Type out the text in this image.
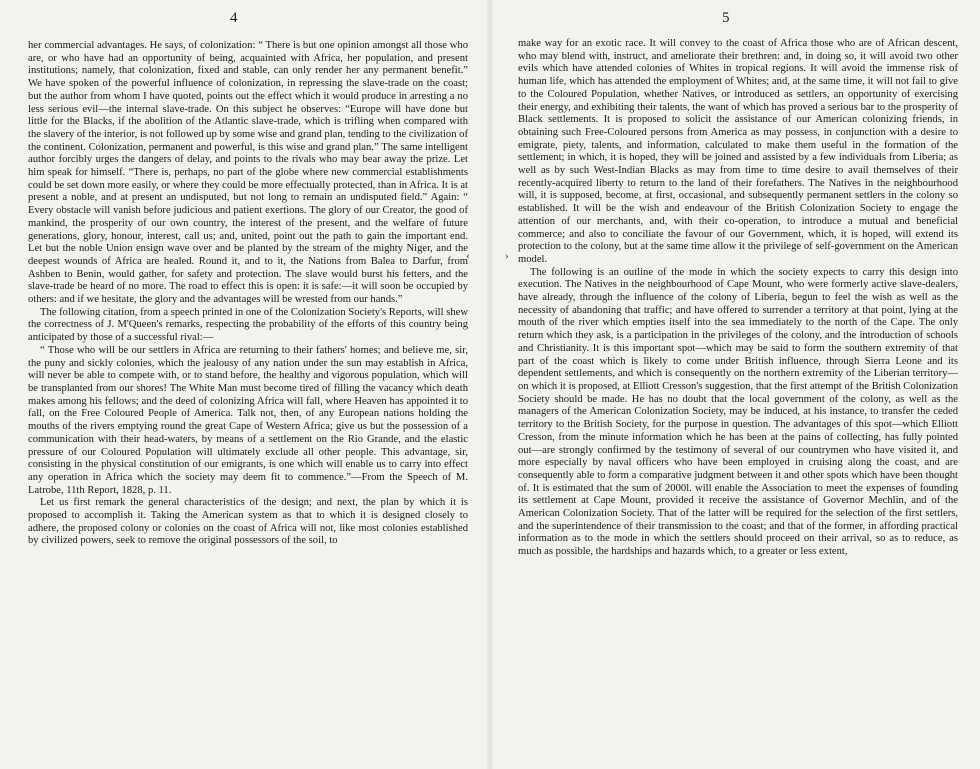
4

her commercial advantages. He says, of colonization: “ There is but one opinion amongst all those who are, or who have had an opportunity of being, acquainted with Africa, her population, and present institutions; namely, that colonization, fixed and stable, can only render her any permanent benefit.” We have spoken of the powerful influence of colonization, in repressing the slave-trade on the coast; but the author from whom I have quoted, points out the effect which it would produce in arresting a no less serious evil—the internal slave-trade. On this subject he observes: “Europe will have done but little for the Blacks, if the abolition of the Atlantic slave-trade, which is trifling when compared with the slavery of the interior, is not followed up by some wise and grand plan, tending to the civilization of the continent. Colonization, permanent and powerful, is this wise and grand plan.” The same intelligent author forcibly urges the dangers of delay, and points to the rivals who may bear away the prize. Let him speak for himself. “There is, perhaps, no part of the globe where new commercial establishments could be set down more easily, or where they could be more effectually protected, than in Africa. It is at present a noble, and at present an undisputed, but not long to remain an undisputed field.” Again: “ Every obstacle will vanish before judicious and patient exertions. The glory of our Creator, the good of mankind, the prosperity of our own country, the interest of the present, and the welfare of future generations, glory, honour, interest, call us; and, united, point out the path to gain the important end. Let but the noble Union ensign wave over and be planted by the stream of the mighty Niger, and the deepest wounds of Africa are healed. Round it, and to it, the Nations from Balea to Darfur, from Ashben to Benin, would gather, for safety and protection. The slave would burst his fetters, and the slave-trade be heard of no more. The road to effect this is open: it is safe:—it will soon be occupied by others: and if we hesitate, the glory and the advantages will be wrested from our hands.”

The following citation, from a speech printed in one of the Colonization Society's Reports, will shew the correctness of J. M'Queen's remarks, respecting the probability of the efforts of this country being anticipated by those of a successful rival:—

“ Those who will be our settlers in Africa are returning to their fathers' homes; and believe me, sir, the puny and sickly colonies, which the jealousy of any nation under the sun may establish in Africa, will never be able to compete with, or to stand before, the healthy and vigorous population, which will be transplanted from our shores! The White Man must become tired of filling the vacancy which death makes among his fellows; and the deed of colonizing Africa will fall, where Heaven has appointed it to fall, on the Free Coloured People of America. Talk not, then, of any European nations holding the mouths of the rivers emptying round the great Cape of Western Africa; give us but the possession of a communication with their head-waters, by means of a settlement on the Rio Grande, and the elastic pressure of our Coloured Population will ultimately exclude all other people. This advantage, sir, consisting in the physical constitution of our emigrants, is one which will enable us to carry into effect any operation in Africa which the society may deem fit to commence.”—From the Speech of M. Latrobe, 11th Report, 1828, p. 11.

Let us first remark the general characteristics of the design; and next, the plan by which it is proposed to accomplish it. Taking the American system as that to which it is designed closely to adhere, the proposed colony or colonies on the coast of Africa will not, like most colonies established by civilized powers, seek to remove the original possessors of the soil, to

5

make way for an exotic race. It will convey to the coast of Africa those who are of African descent, who may blend with, instruct, and ameliorate their brethren: and, in doing so, it will avoid two other evils which have attended colonies of Whites in tropical regions. It will avoid the immense risk of human life, which has attended the employment of Whites; and, at the same time, it will not fail to give to the Coloured Population, whether Natives, or introduced as settlers, an opportunity of exercising their energy, and exhibiting their talents, the want of which has proved a serious bar to the prosperity of Black settlements. It is proposed to solicit the assistance of our American colonizing friends, in obtaining such Free-Coloured persons from America as may possess, in conjunction with a desire to emigrate, piety, talents, and information, calculated to make them useful in the formation of the settlement; in which, it is hoped, they will be joined and assisted by a few individuals from Liberia; as well as by such West-Indian Blacks as may from time to time desire to avail themselves of their recently-acquired liberty to return to the land of their forefathers. The Natives in the neighbourhood will, it is supposed, become, at first, occasional, and subsequently permanent settlers in the colony so established. It will be the wish and endeavour of the British Colonization Society to engage the attention of our merchants, and, with their co-operation, to introduce a mutual and beneficial commerce; and also to conciliate the favour of our Government, which, it is hoped, will extend its protection to the colony, but at the same time allow it the privilege of self-government on the American model.

The following is an outline of the mode in which the society expects to carry this design into execution. The Natives in the neighbourhood of Cape Mount, who were formerly active slave-dealers, have already, through the influence of the colony of Liberia, begun to feel the wish as well as the necessity of abandoning that traffic; and have offered to surrender a territory at that point, lying at the mouth of the river which empties itself into the sea immediately to the north of the Cape. The only return which they ask, is a participation in the privileges of the colony, and the introduction of schools and Christianity. It is this important spot—which may be said to form the southern extremity of that part of the coast which is likely to come under British influence, through Sierra Leone and its dependent settlements, and which is consequently on the northern extremity of the Liberian territory—on which it is proposed, at Elliott Cresson's suggestion, that the first attempt of the British Colonization Society should be made. He has no doubt that the local government of the colony, as well as the managers of the American Colonization Society, may be induced, at his instance, to transfer the ceded territory to the British Society, for the purpose in question. The advantages of this spot—which Elliott Cresson, from the minute information which he has been at the pains of collecting, has fully pointed out—are strongly confirmed by the testimony of several of our countrymen who have visited it, and more especially by naval officers who have been employed in cruising along the coast, and are consequently able to form a comparative judgment between it and other spots which have been thought of. It is estimated that the sum of 2000l. will enable the Association to meet the expenses of founding its settlement at Cape Mount, provided it receive the assistance of Governor Mechlin, and of the American Colonization Society. That of the latter will be required for the selection of the first settlers, and the superintendence of their transmission to the coast; and that of the former, in affording practical information as to the mode in which the settlers should proceed on their arrival, so as to reduce, as much as possible, the hardships and hazards which, to a greater or less extent,

‹	›
